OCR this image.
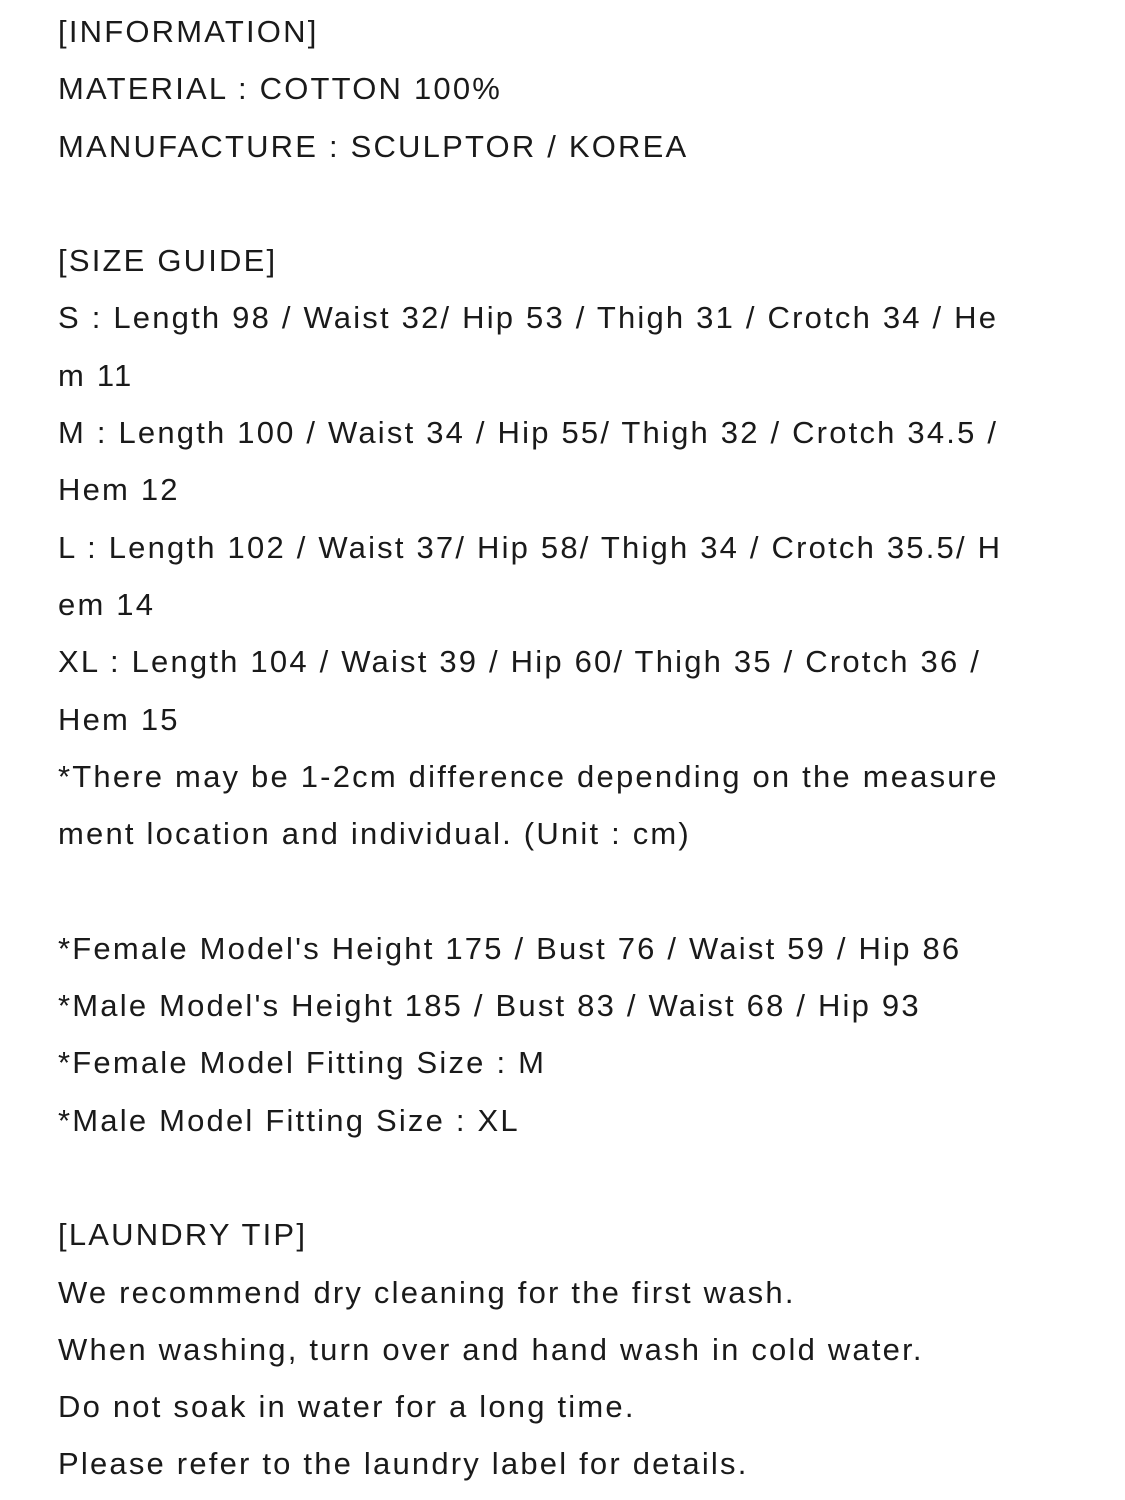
[INFORMATION]

MATERIAL : COTTON 100%

MANUFACTURE : SCULPTOR / KOREA

[SIZE GUIDE]

S : Length 98 / Waist 32/ Hip 53 / Thigh 31 / Crotch 34 / He

m 11

M : Length 100 / Waist 34 / Hip 55/ Thigh 32 / Crotch 34.5 /

Hem 12

L : Length 102 / Waist 37/ Hip 58/ Thigh 34 / Crotch 35.5/ H

em 14

XL : Length 104 / Waist 39 / Hip 60/ Thigh 35 / Crotch 36 /

Hem 15

*There may be 1-2cm difference depending on the measure

ment location and individual. (Unit : cm)

*Female Model's Height 175 / Bust 76 / Waist 59 / Hip 86

*Male Model's Height 185 / Bust 83 / Waist 68 / Hip 93

*Female Model Fitting Size : M

*Male Model Fitting Size : XL

[LAUNDRY TIP]

We recommend dry cleaning for the first wash.

When washing, turn over and hand wash in cold water.

Do not soak in water for a long time.

Please refer to the laundry label for details.
